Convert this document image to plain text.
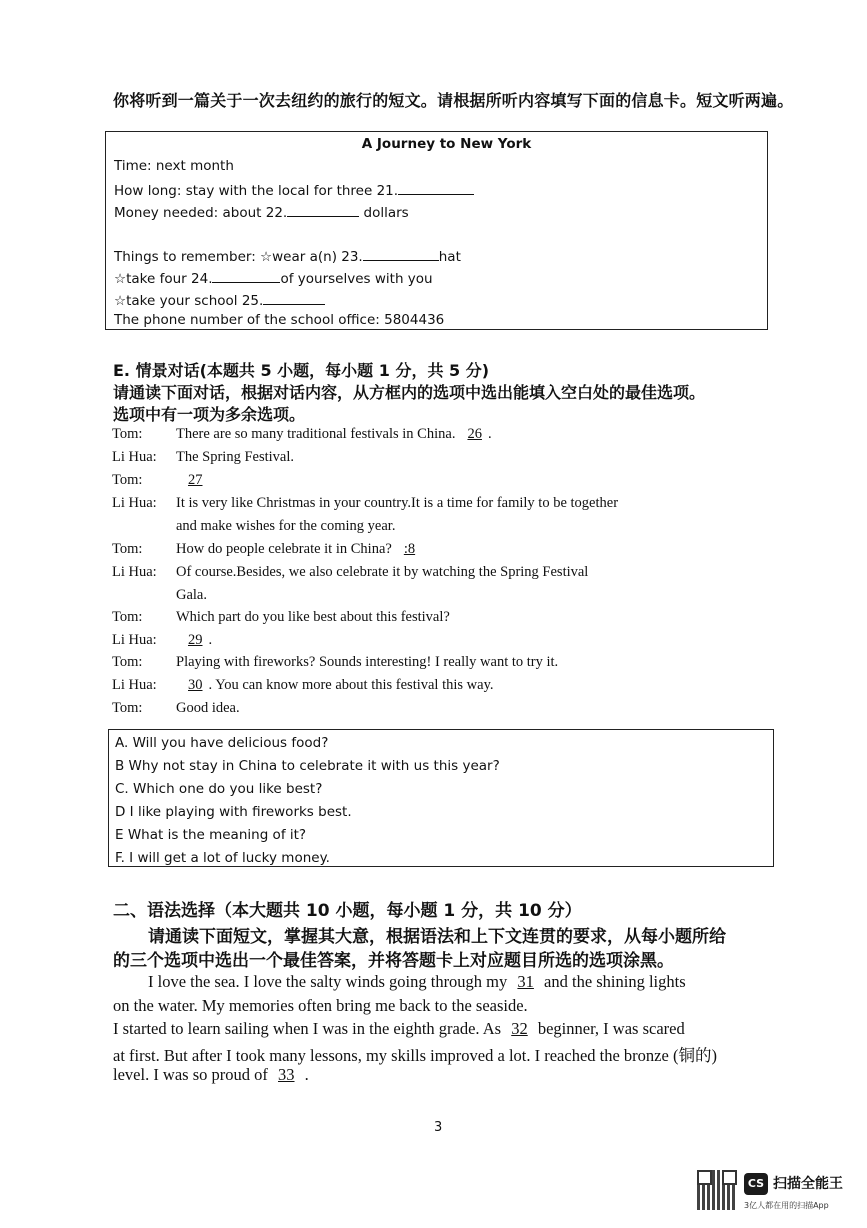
你将听到一篇关于一次去纽约的旅行的短文。请根据所听内容填写下面的信息卡。短文听两遍。
A Journey to New York
Time: next month
How long: stay with the local for three 21.
Money needed: about 22.	dollars
Things to remember: ☆wear a(n) 23.	hat
☆take four 24.	of yourselves with you
☆take your school 25.
The phone number of the school office: 5804436
E. 情景对话(本题共 5 小题，每小题 1 分，共 5 分)
请通读下面对话，根据对话内容，从方框内的选项中选出能填入空白处的最佳选项。
选项中有一项为多余选项。
Tom: There are so many traditional festivals in China. 26 .
Li Hua: The Spring Festival.
Tom:	27
Li Hua: It is very like Christmas in your country.It is a time for family to be together
and make wishes for the coming year.
Tom: How do people celebrate it in China? :8
Li Hua: Of course.Besides, we also celebrate it by watching the Spring Festival
Gala.
Tom: Which part do you like best about this festival?
Li Hua:	29 .
Tom: Playing with fireworks? Sounds interesting! I really want to try it.
Li Hua:	30 . You can know more about this festival this way.
Tom: Good idea.
A. Will you have delicious food?
B Why not stay in China to celebrate it with us this year?
C. Which one do you like best?
D I like playing with fireworks best.
E What is the meaning of it?
F. I will get a lot of lucky money.
二、语法选择（本大题共 10 小题，每小题 1 分，共 10 分）
请通读下面短文，掌握其大意，根据语法和上下文连贯的要求，从每小题所给
的三个选项中选出一个最佳答案，并将答题卡上对应题目所选的选项涂黑。
I love the sea. I love the salty winds going through my 31 and the shining lights
on the water. My memories often bring me back to the seaside.
I started to learn sailing when I was in the eighth grade. As 32 beginner, I was scared
at first. But after I took many lessons, my skills improved a lot. I reached the bronze (铜的)
level. I was so proud of 33 .
3
CS 扫描全能王
3亿人都在用的扫描App
